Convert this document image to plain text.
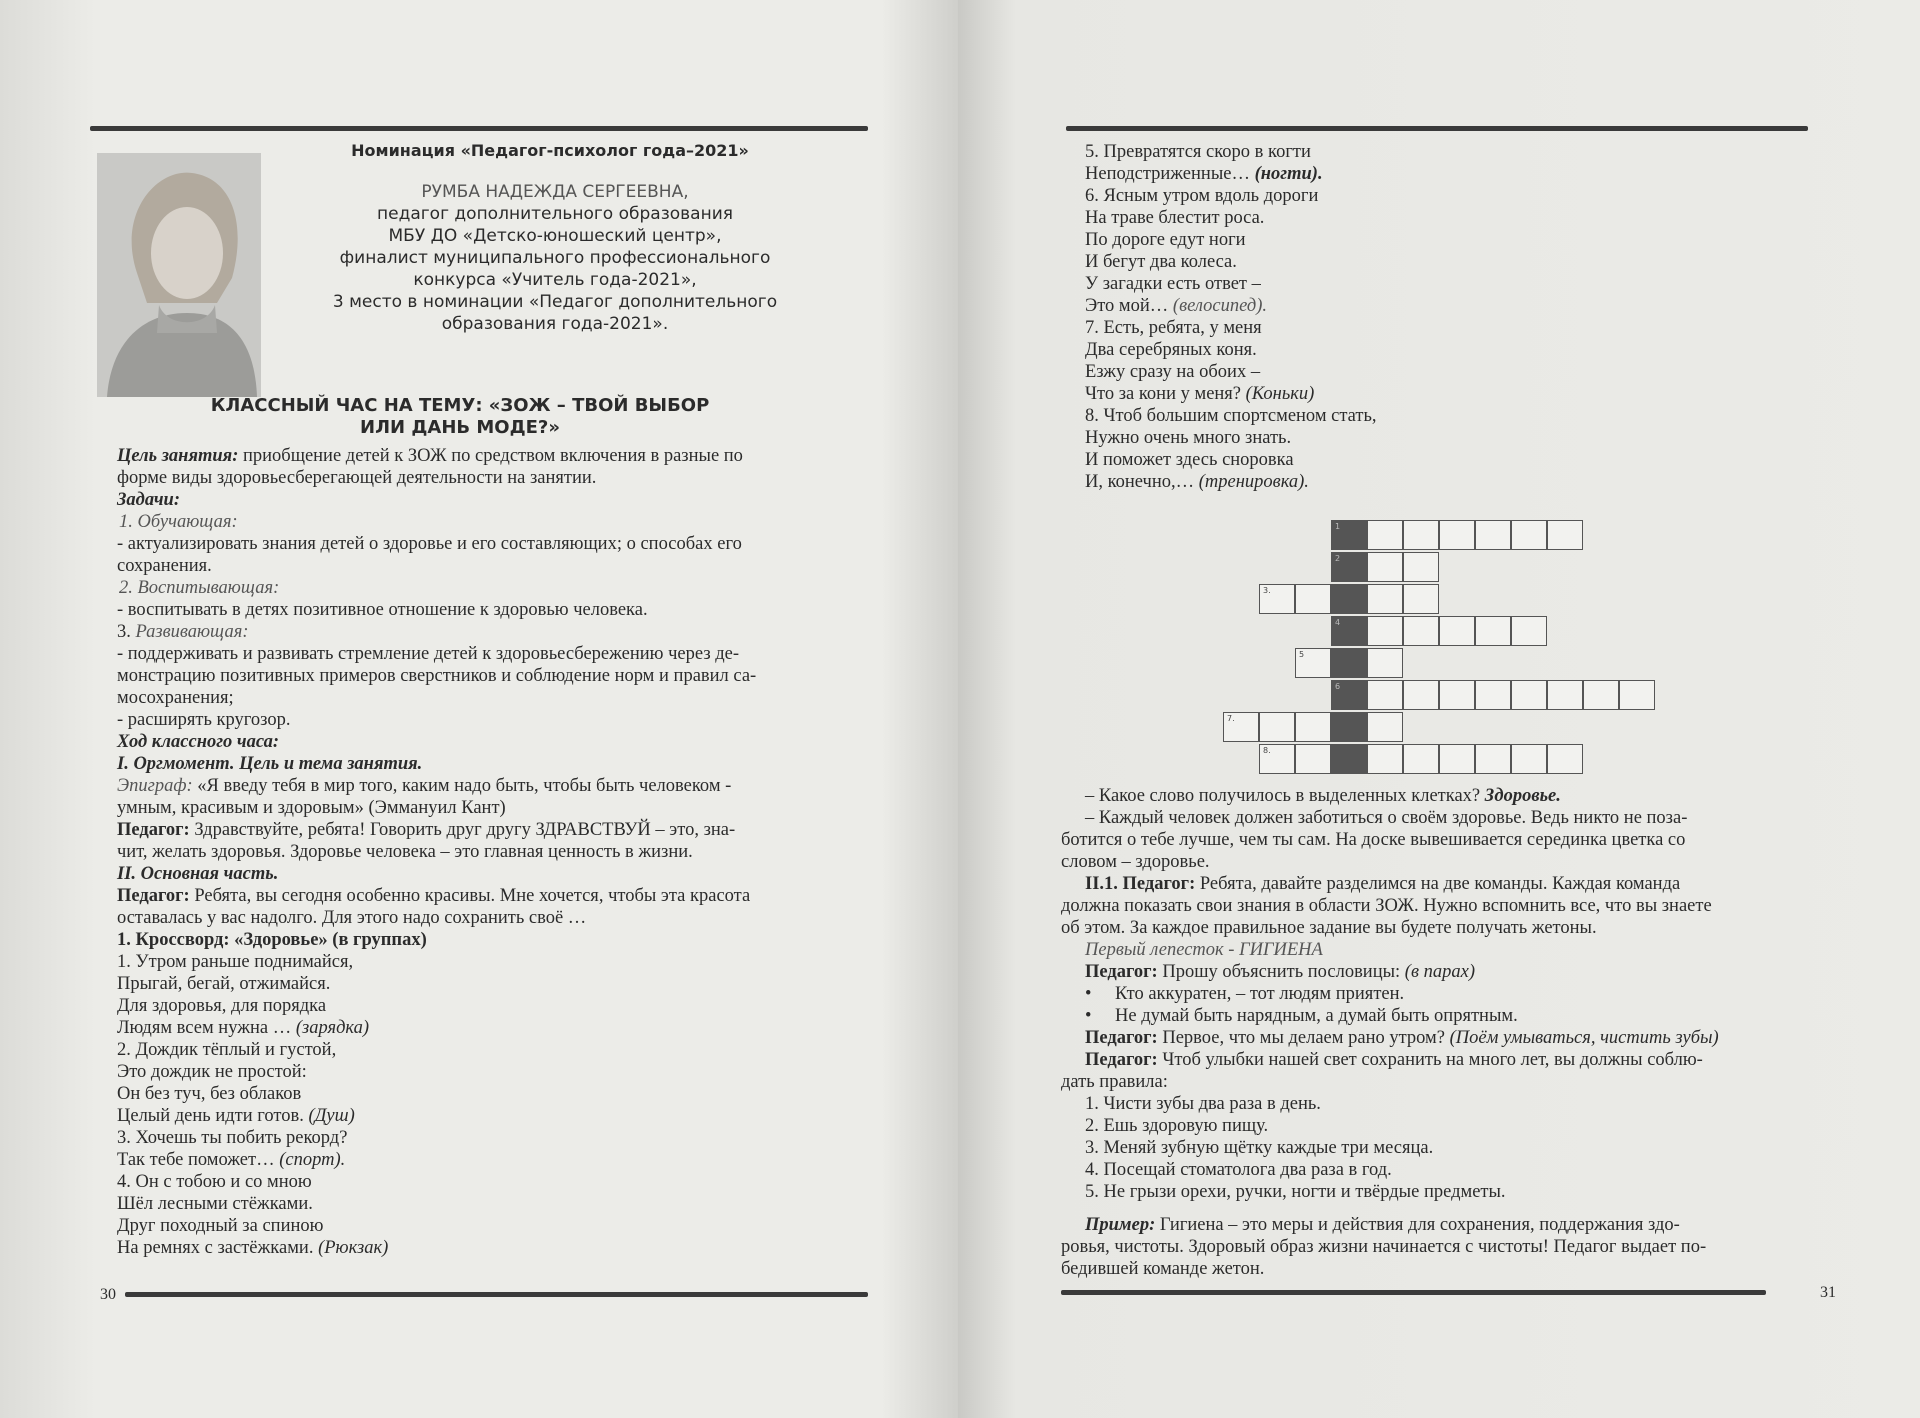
Номинация «Педагог-психолог года–2021»
РУМБА НАДЕЖДА СЕРГЕЕВНА,
педагог дополнительного образования
МБУ ДО «Детско-юношеский центр»,
финалист муниципального профессионального
конкурса «Учитель года-2021»,
3 место в номинации «Педагог дополнительного
образования года-2021».
КЛАССНЫЙ ЧАС НА ТЕМУ: «ЗОЖ – ТВОЙ ВЫБОР
ИЛИ ДАНЬ МОДЕ?»
Цель занятия: приобщение детей к ЗОЖ по средством включения в разные по
форме виды здоровьесберегающей деятельности на занятии.
Задачи:
1. Обучающая:
- актуализировать знания детей о здоровье и его составляющих; о способах его
сохранения.
2. Воспитывающая:
- воспитывать в детях позитивное отношение к здоровью человека.
3. Развивающая:
- поддерживать и развивать стремление детей к здоровьесбережению через де-
монстрацию позитивных примеров сверстников и соблюдение норм и правил са-
мосохранения;
- расширять кругозор.
Ход классного часа:
I. Оргмомент. Цель и тема занятия.
Эпиграф: «Я введу тебя в мир того, каким надо быть, чтобы быть человеком -
умным, красивым и здоровым» (Эммануил Кант)
Педагог: Здравствуйте, ребята! Говорить друг другу ЗДРАВСТВУЙ – это, зна-
чит, желать здоровья. Здоровье человека – это главная ценность в жизни.
II. Основная часть.
Педагог: Ребята, вы сегодня особенно красивы. Мне хочется, чтобы эта красота
оставалась у вас надолго. Для этого надо сохранить своё …
1. Кроссворд: «Здоровье» (в группах)
1. Утром раньше поднимайся,
Прыгай, бегай, отжимайся.
Для здоровья, для порядка
Людям всем нужна … (зарядка)
2. Дождик тёплый и густой,
Это дождик не простой:
Он без туч, без облаков
Целый день идти готов. (Душ)
3. Хочешь ты побить рекорд?
Так тебе поможет… (спорт).
4. Он с тобою и со мною
Шёл лесными стёжками.
Друг походный за спиною
На ремнях с застёжками. (Рюкзак)
30
5. Превратятся скоро в когти
Неподстриженные… (ногти).
6. Ясным утром вдоль дороги
На траве блестит роса.
По дороге едут ноги
И бегут два колеса.
У загадки есть ответ –
Это мой… (велосипед).
7. Есть, ребята, у меня
Два серебряных коня.
Езжу сразу на обоих –
Что за кони у меня? (Коньки)
8. Чтоб большим спортсменом стать,
Нужно очень много знать.
И поможет здесь сноровка
И, конечно,… (тренировка).
1
2
3.
4
5
6
7.
8.
– Какое слово получилось в выделенных клетках? Здоровье.
– Каждый человек должен заботиться о своём здоровье. Ведь никто не поза-
ботится о тебе лучше, чем ты сам. На доске вывешивается серединка цветка со
словом – здоровье.
II.1. Педагог: Ребята, давайте разделимся на две команды. Каждая команда
должна показать свои знания в области ЗОЖ. Нужно вспомнить все, что вы знаете
об этом. За каждое правильное задание вы будете получать жетоны.
Первый лепесток - ГИГИЕНА
Педагог: Прошу объяснить пословицы: (в парах)
• Кто аккуратен, – тот людям приятен.
• Не думай быть нарядным, а думай быть опрятным.
Педагог: Первое, что мы делаем рано утром? (Поём умываться, чистить зубы)
Педагог: Чтоб улыбки нашей свет сохранить на много лет, вы должны соблю-
дать правила:
1. Чисти зубы два раза в день.
2. Ешь здоровую пищу.
3. Меняй зубную щётку каждые три месяца.
4. Посещай стоматолога два раза в год.
5. Не грызи орехи, ручки, ногти и твёрдые предметы.
Пример: Гигиена – это меры и действия для сохранения, поддержания здо-
ровья, чистоты. Здоровый образ жизни начинается с чистоты! Педагог выдает по-
бедившей команде жетон.
31
